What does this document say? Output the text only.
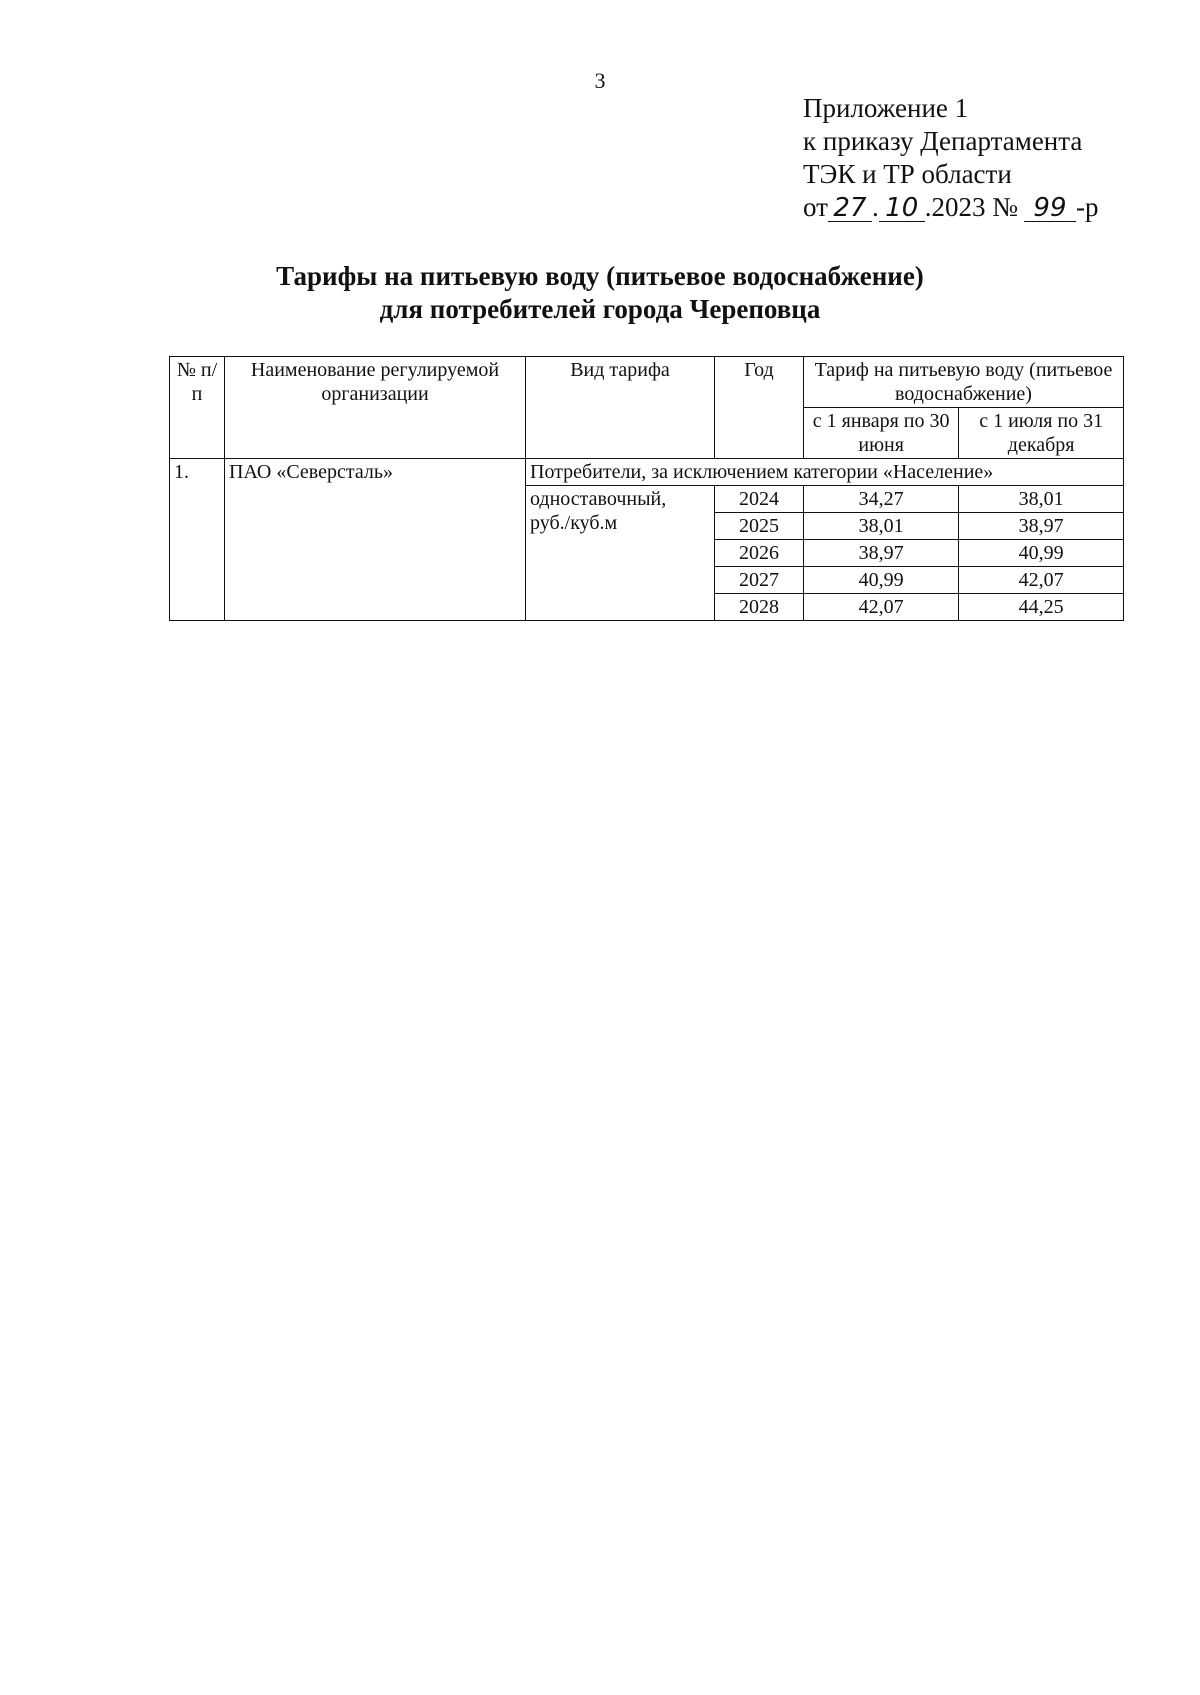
3
Приложение 1
к приказу Департамента
ТЭК и ТР области
от 27 . 10 .2023 № 99 -р
Тарифы на питьевую воду (питьевое водоснабжение)
для потребителей города Череповца
№ п/п	Наименование регулируемой организации	Вид тарифа	Год	Тариф на питьевую воду (питьевое водоснабжение)	
				с 1 января по 30 июня	с 1 июля по 31 декабря
1.	ПАО «Северсталь»	Потребители, за исключением категории «Население»			
		одноставочный, руб./куб.м	2024	34,27	38,01
			2025	38,01	38,97
			2026	38,97	40,99
			2027	40,99	42,07
			2028	42,07	44,25
